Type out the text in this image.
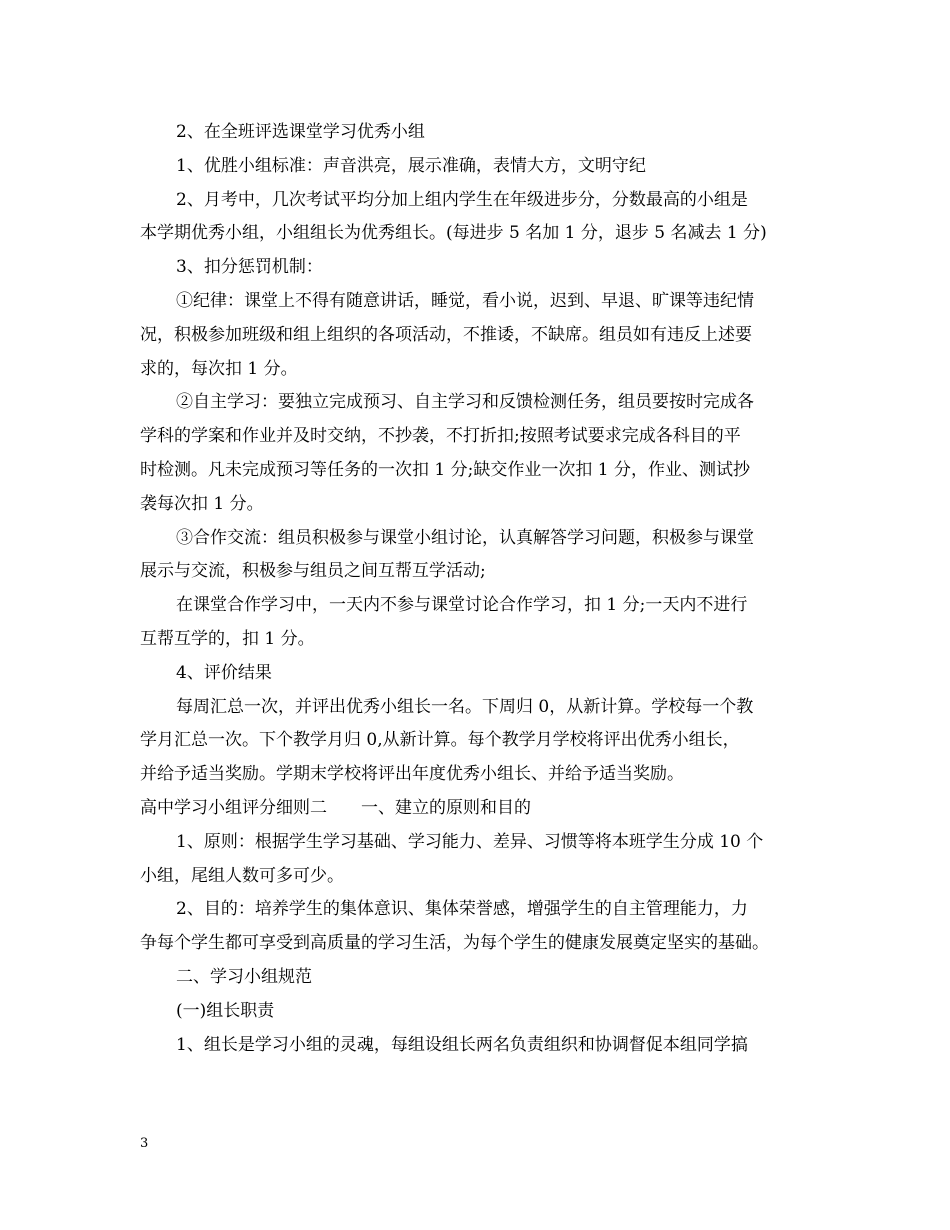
2、在全班评选课堂学习优秀小组
1、优胜小组标准：声音洪亮，展示准确，表情大方，文明守纪
2、月考中，几次考试平均分加上组内学生在年级进步分，分数最高的小组是
本学期优秀小组，小组组长为优秀组长。(每进步 5 名加 1 分，退步 5 名减去 1 分)
3、扣分惩罚机制：
①纪律：课堂上不得有随意讲话，睡觉，看小说，迟到、早退、旷课等违纪情
况，积极参加班级和组上组织的各项活动，不推诿，不缺席。组员如有违反上述要
求的，每次扣 1 分。
②自主学习：要独立完成预习、自主学习和反馈检测任务，组员要按时完成各
学科的学案和作业并及时交纳，不抄袭，不打折扣;按照考试要求完成各科目的平
时检测。凡未完成预习等任务的一次扣 1 分;缺交作业一次扣 1 分，作业、测试抄
袭每次扣 1 分。
③合作交流：组员积极参与课堂小组讨论，认真解答学习问题，积极参与课堂
展示与交流，积极参与组员之间互帮互学活动;
在课堂合作学习中，一天内不参与课堂讨论合作学习，扣 1 分;一天内不进行
互帮互学的，扣 1 分。
4、评价结果
每周汇总一次，并评出优秀小组长一名。下周归 0，从新计算。学校每一个教
学月汇总一次。下个教学月归 0,从新计算。每个教学月学校将评出优秀小组长，
并给予适当奖励。学期末学校将评出年度优秀小组长、并给予适当奖励。
高中学习小组评分细则二　　一、建立的原则和目的
1、原则：根据学生学习基础、学习能力、差异、习惯等将本班学生分成 10 个
小组，尾组人数可多可少。
2、目的：培养学生的集体意识、集体荣誉感，增强学生的自主管理能力，力
争每个学生都可享受到高质量的学习生活，为每个学生的健康发展奠定坚实的基础。
二、学习小组规范
(一)组长职责
1、组长是学习小组的灵魂，每组设组长两名负责组织和协调督促本组同学搞
3
